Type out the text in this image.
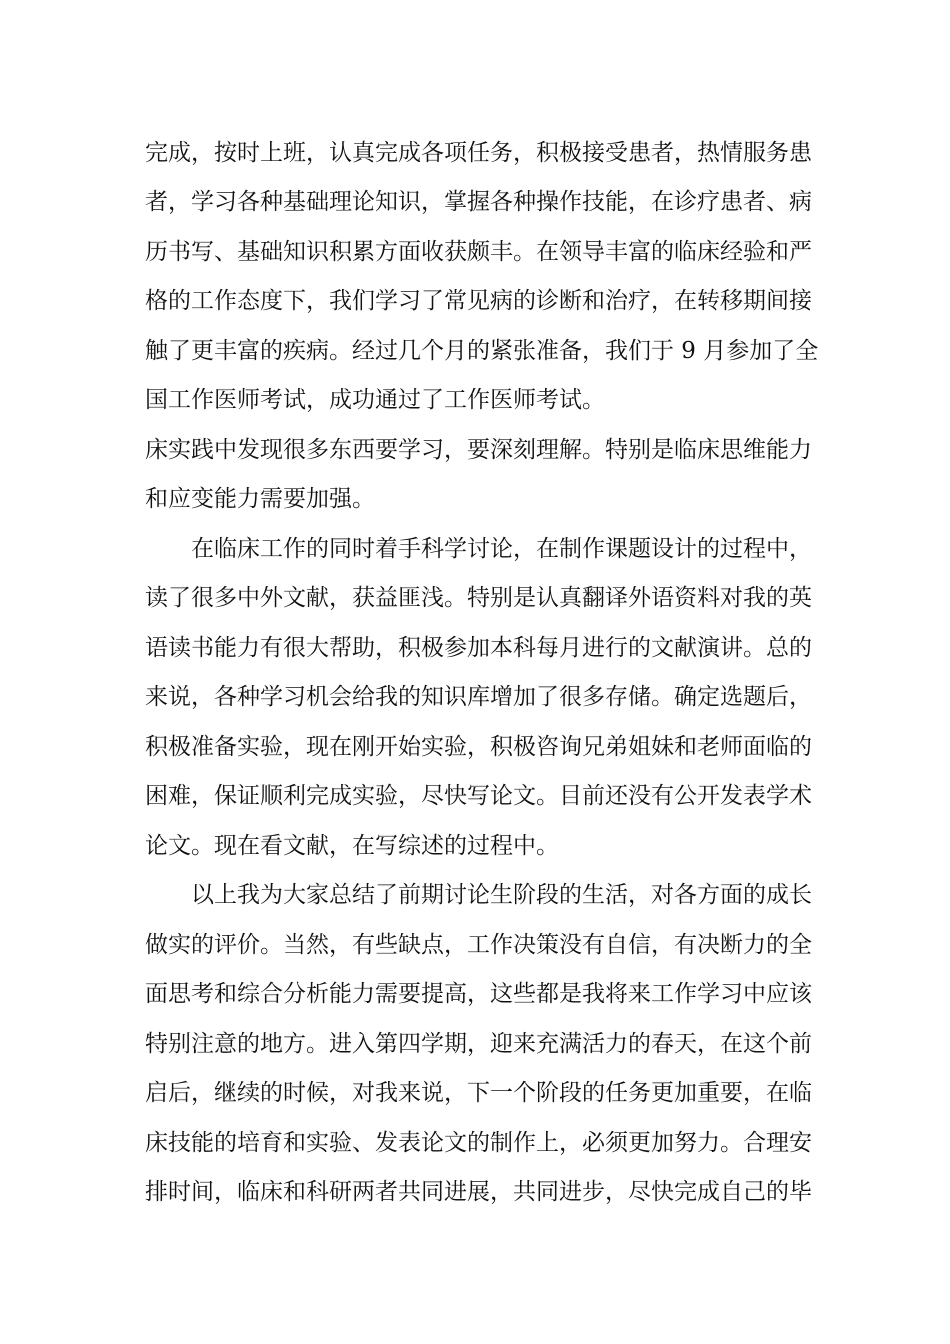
完成，按时上班，认真完成各项任务，积极接受患者，热情服务患
者，学习各种基础理论知识，掌握各种操作技能，在诊疗患者、病
历书写、基础知识积累方面收获颇丰。在领导丰富的临床经验和严
格的工作态度下，我们学习了常见病的诊断和治疗，在转移期间接
触了更丰富的疾病。经过几个月的紧张准备，我们于 9 月参加了全
国工作医师考试，成功通过了工作医师考试。
床实践中发现很多东西要学习，要深刻理解。特别是临床思维能力
和应变能力需要加强。
在临床工作的同时着手科学讨论，在制作课题设计的过程中，
读了很多中外文献，获益匪浅。特别是认真翻译外语资料对我的英
语读书能力有很大帮助，积极参加本科每月进行的文献演讲。总的
来说，各种学习机会给我的知识库增加了很多存储。确定选题后，
积极准备实验，现在刚开始实验，积极咨询兄弟姐妹和老师面临的
困难，保证顺利完成实验，尽快写论文。目前还没有公开发表学术
论文。现在看文献，在写综述的过程中。
以上我为大家总结了前期讨论生阶段的生活，对各方面的成长
做实的评价。当然，有些缺点，工作决策没有自信，有决断力的全
面思考和综合分析能力需要提高，这些都是我将来工作学习中应该
特别注意的地方。进入第四学期，迎来充满活力的春天，在这个前
启后，继续的时候，对我来说，下一个阶段的任务更加重要，在临
床技能的培育和实验、发表论文的制作上，必须更加努力。合理安
排时间，临床和科研两者共同进展，共同进步，尽快完成自己的毕
